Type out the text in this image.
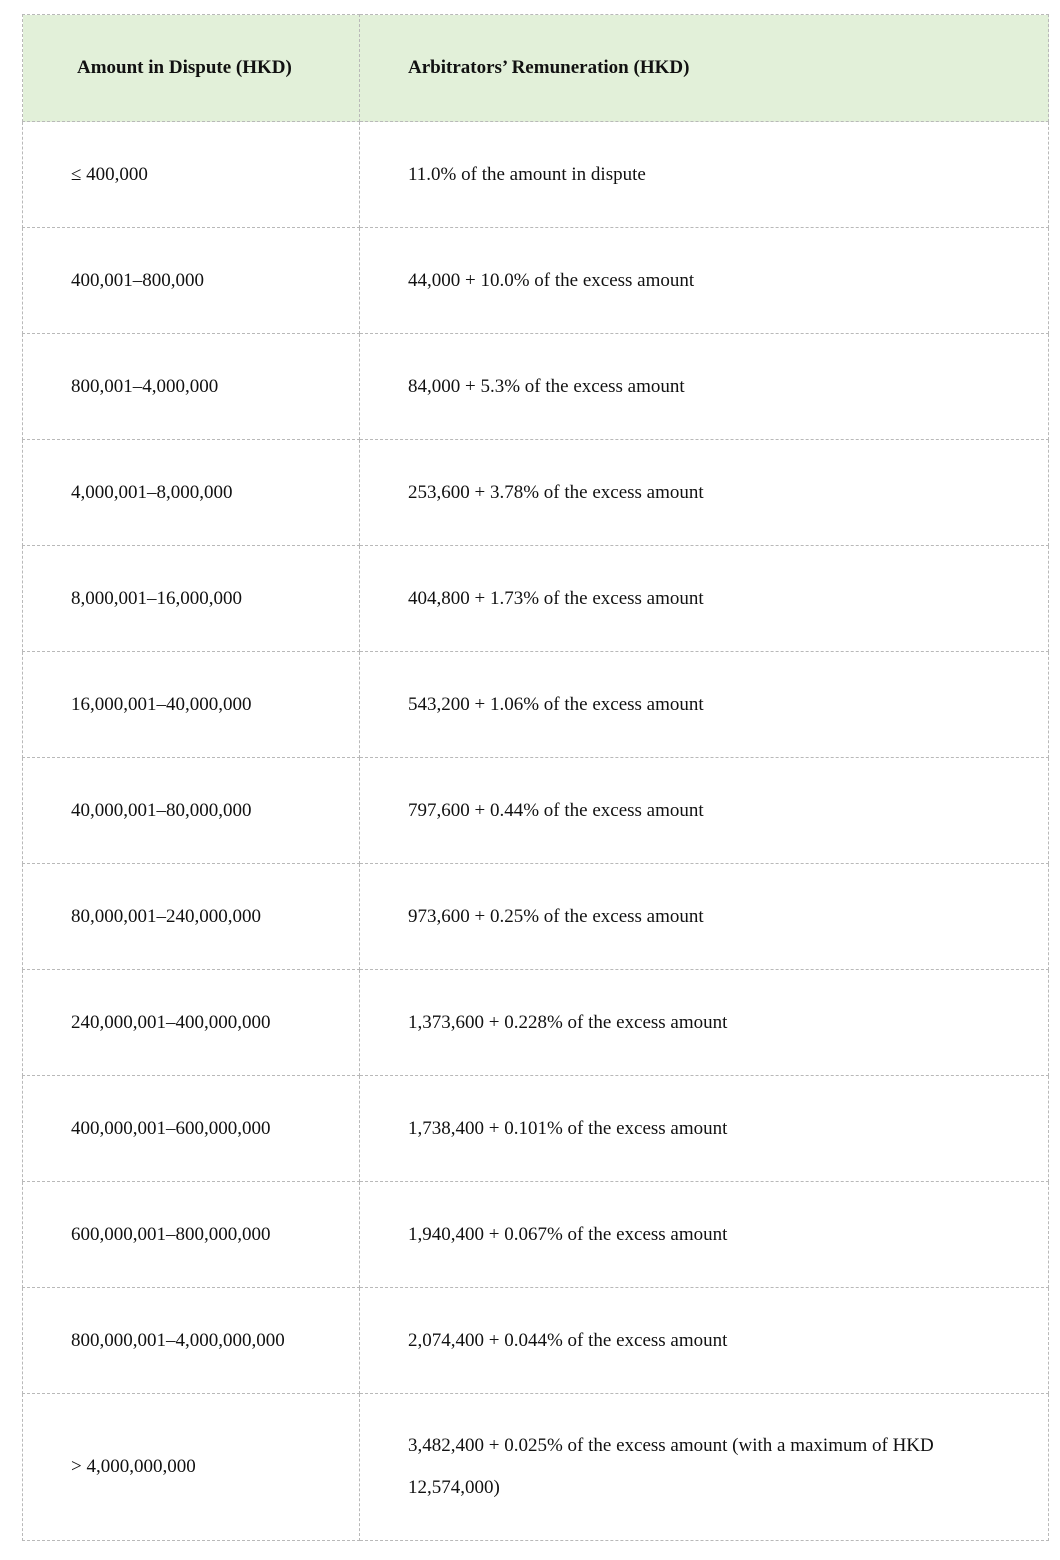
Amount in Dispute (HKD)	Arbitrators’ Remuneration (HKD)
≤ 400,000	11.0% of the amount in dispute
400,001–800,000	44,000 + 10.0% of the excess amount
800,001–4,000,000	84,000 + 5.3% of the excess amount
4,000,001–8,000,000	253,600 + 3.78% of the excess amount
8,000,001–16,000,000	404,800 + 1.73% of the excess amount
16,000,001–40,000,000	543,200 + 1.06% of the excess amount
40,000,001–80,000,000	797,600 + 0.44% of the excess amount
80,000,001–240,000,000	973,600 + 0.25% of the excess amount
240,000,001–400,000,000	1,373,600 + 0.228% of the excess amount
400,000,001–600,000,000	1,738,400 + 0.101% of the excess amount
600,000,001–800,000,000	1,940,400 + 0.067% of the excess amount
800,000,001–4,000,000,000	2,074,400 + 0.044% of the excess amount
> 4,000,000,000	3,482,400 + 0.025% of the excess amount (with a maximum of HKD 12,574,000)
